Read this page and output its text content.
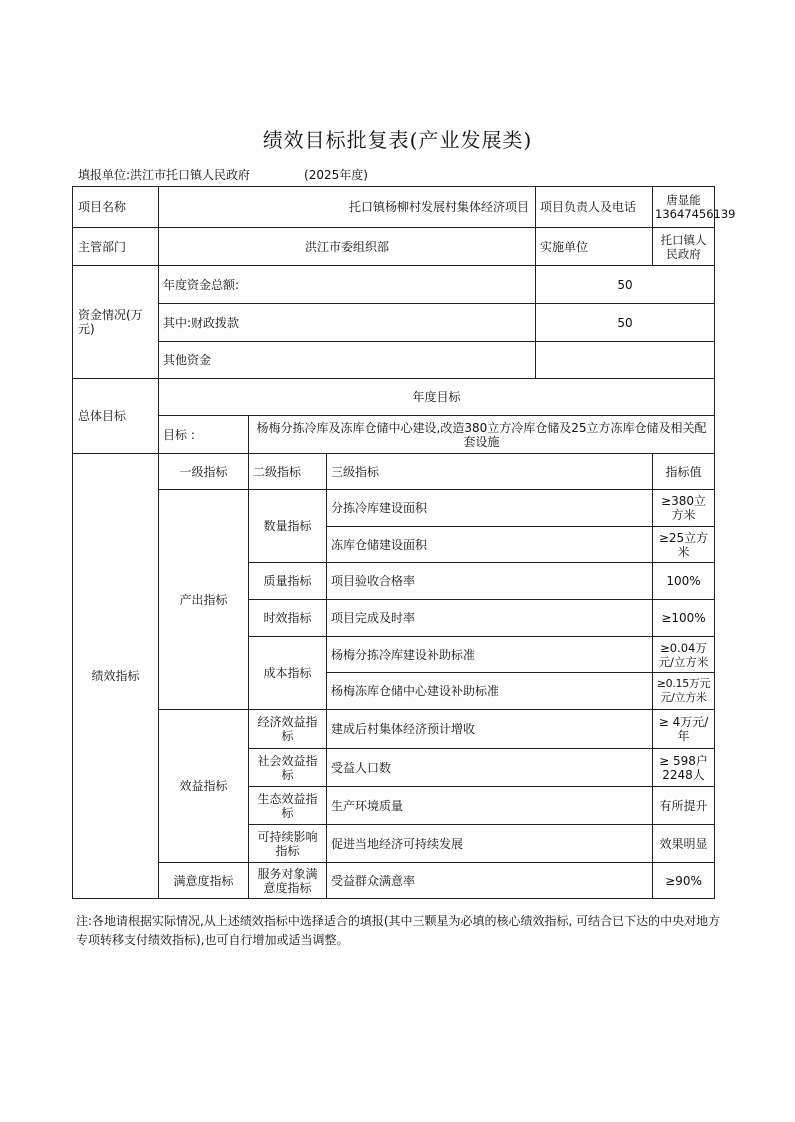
绩效目标批复表(产业发展类)
填报单位:洪江市托口镇人民政府	(2025年度)
项目名称	托口镇杨柳村发展村集体经济项目			项目负责人及电话	唐显能13647456139
主管部门	洪江市委组织部			实施单位	托口镇人民政府
资金情况(万元)	年度资金总额:			50	
	其中:财政拨款			50	
	其他资金				
总体目标	年度目标				
	目标 :	杨梅分拣冷库及冻库仓储中心建设,改造380立方冷库仓储及25立方冻库仓储及相关配套设施			
绩效指标	一级指标	二级指标	三级指标		指标值
	产出指标	数量指标	分拣冷库建设面积		≥380立方米
			冻库仓储建设面积		≥25立方米
		质量指标	项目验收合格率		100%
		时效指标	项目完成及时率		≥100%
		成本指标	杨梅分拣冷库建设补助标准		≥0.04万元/立方米
			杨梅冻库仓储中心建设补助标准		≥0.15万元元/立方米
	效益指标	经济效益指标	建成后村集体经济预计增收		≥ 4万元/年
		社会效益指标	受益人口数		≥ 598户2248人
		生态效益指标	生产环境质量		有所提升
		可持续影响指标	促进当地经济可持续发展		效果明显
	满意度指标	服务对象满意度指标	受益群众满意率		≥90%
注:各地请根据实际情况,从上述绩效指标中选择适合的填报(其中三颗星为必填的核心绩效指标, 可结合已下达的中央对地方专项转移支付绩效指标),也可自行增加或适当调整。
